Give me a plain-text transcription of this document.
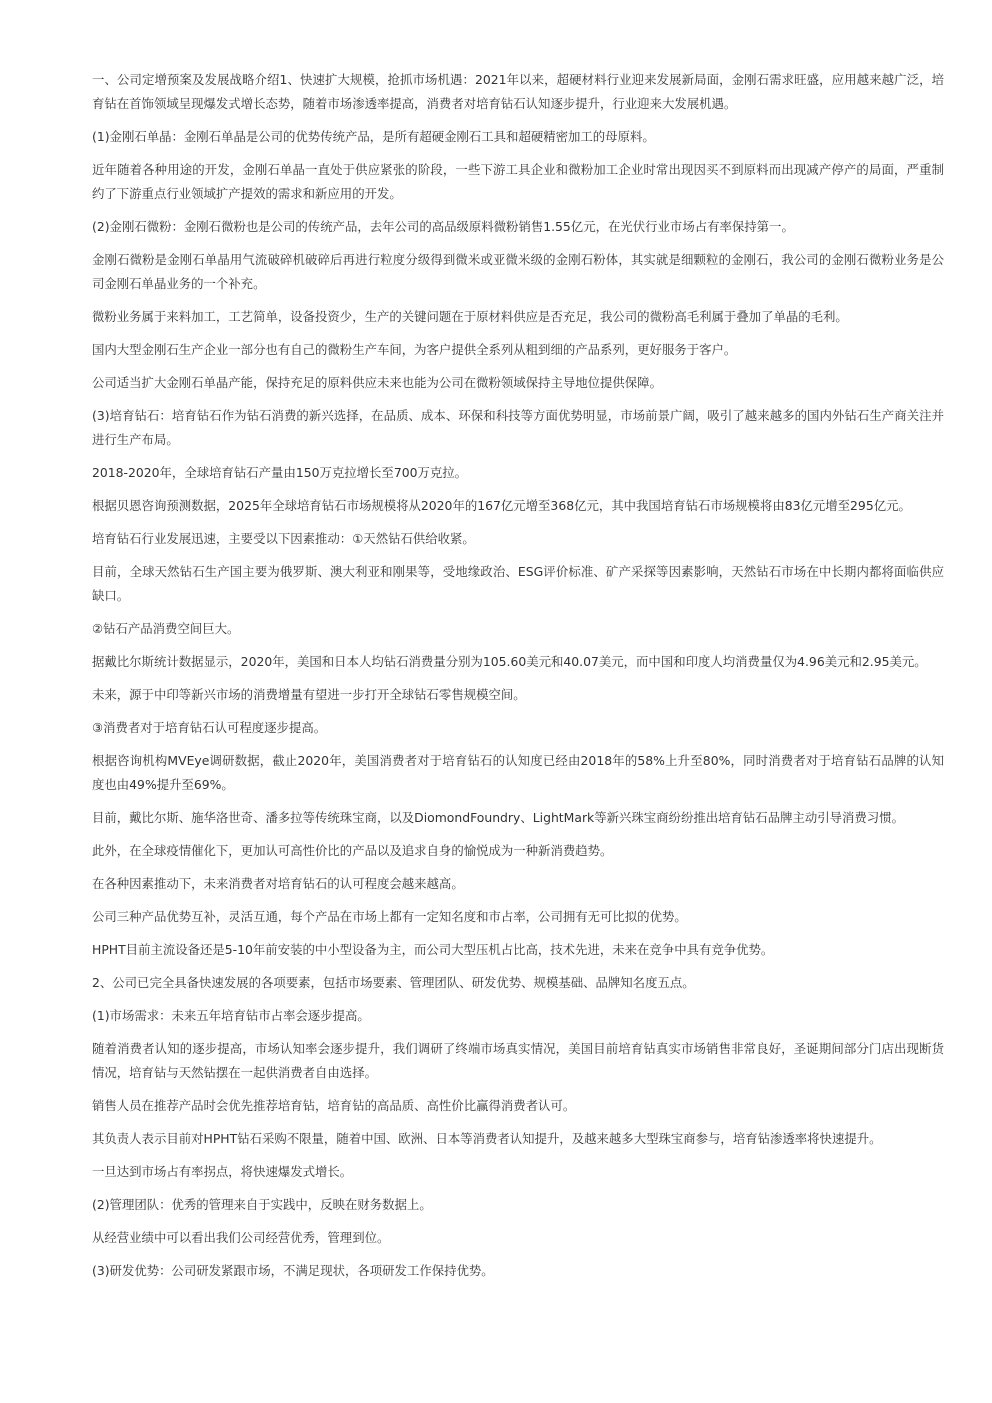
一、公司定增预案及发展战略介绍1、快速扩大规模，抢抓市场机遇：2021年以来，超硬材料行业迎来发展新局面，金刚石需求旺盛，应用越来越广泛，培育钻在首饰领域呈现爆发式增长态势，随着市场渗透率提高，消费者对培育钻石认知逐步提升，行业迎来大发展机遇。

(1)金刚石单晶：金刚石单晶是公司的优势传统产品，是所有超硬金刚石工具和超硬精密加工的母原料。

近年随着各种用途的开发，金刚石单晶一直处于供应紧张的阶段，一些下游工具企业和微粉加工企业时常出现因买不到原料而出现减产停产的局面，严重制约了下游重点行业领域扩产提效的需求和新应用的开发。

(2)金刚石微粉：金刚石微粉也是公司的传统产品，去年公司的高品级原料微粉销售1.55亿元，在光伏行业市场占有率保持第一。

金刚石微粉是金刚石单晶用气流破碎机破碎后再进行粒度分级得到微米或亚微米级的金刚石粉体，其实就是细颗粒的金刚石，我公司的金刚石微粉业务是公司金刚石单晶业务的一个补充。

微粉业务属于来料加工，工艺简单，设备投资少，生产的关键问题在于原材料供应是否充足，我公司的微粉高毛利属于叠加了单晶的毛利。

国内大型金刚石生产企业一部分也有自己的微粉生产车间，为客户提供全系列从粗到细的产品系列，更好服务于客户。

公司适当扩大金刚石单晶产能，保持充足的原料供应未来也能为公司在微粉领域保持主导地位提供保障。

(3)培育钻石：培育钻石作为钻石消费的新兴选择，在品质、成本、环保和科技等方面优势明显，市场前景广阔，吸引了越来越多的国内外钻石生产商关注并进行生产布局。

2018-2020年，全球培育钻石产量由150万克拉增长至700万克拉。

根据贝恩咨询预测数据，2025年全球培育钻石市场规模将从2020年的167亿元增至368亿元，其中我国培育钻石市场规模将由83亿元增至295亿元。

培育钻石行业发展迅速，主要受以下因素推动：①天然钻石供给收紧。

目前，全球天然钻石生产国主要为俄罗斯、澳大利亚和刚果等，受地缘政治、ESG评价标准、矿产采探等因素影响，天然钻石市场在中长期内都将面临供应缺口。

②钻石产品消费空间巨大。

据戴比尔斯统计数据显示，2020年，美国和日本人均钻石消费量分别为105.60美元和40.07美元，而中国和印度人均消费量仅为4.96美元和2.95美元。

未来，源于中印等新兴市场的消费增量有望进一步打开全球钻石零售规模空间。

③消费者对于培育钻石认可程度逐步提高。

根据咨询机构MVEye调研数据，截止2020年，美国消费者对于培育钻石的认知度已经由2018年的58%上升至80%，同时消费者对于培育钻石品牌的认知度也由49%提升至69%。

目前，戴比尔斯、施华洛世奇、潘多拉等传统珠宝商，以及DiomondFoundry、LightMark等新兴珠宝商纷纷推出培育钻石品牌主动引导消费习惯。

此外，在全球疫情催化下，更加认可高性价比的产品以及追求自身的愉悦成为一种新消费趋势。

在各种因素推动下，未来消费者对培育钻石的认可程度会越来越高。

公司三种产品优势互补，灵活互通，每个产品在市场上都有一定知名度和市占率，公司拥有无可比拟的优势。

HPHT目前主流设备还是5-10年前安装的中小型设备为主，而公司大型压机占比高，技术先进，未来在竞争中具有竞争优势。

2、公司已完全具备快速发展的各项要素，包括市场要素、管理团队、研发优势、规模基础、品牌知名度五点。

(1)市场需求：未来五年培育钻市占率会逐步提高。

随着消费者认知的逐步提高，市场认知率会逐步提升，我们调研了终端市场真实情况，美国目前培育钻真实市场销售非常良好，圣诞期间部分门店出现断货情况，培育钻与天然钻摆在一起供消费者自由选择。

销售人员在推荐产品时会优先推荐培育钻，培育钻的高品质、高性价比赢得消费者认可。

其负责人表示目前对HPHT钻石采购不限量，随着中国、欧洲、日本等消费者认知提升，及越来越多大型珠宝商参与，培育钻渗透率将快速提升。

一旦达到市场占有率拐点，将快速爆发式增长。

(2)管理团队：优秀的管理来自于实践中，反映在财务数据上。

从经营业绩中可以看出我们公司经营优秀，管理到位。

(3)研发优势：公司研发紧跟市场，不满足现状，各项研发工作保持优势。
